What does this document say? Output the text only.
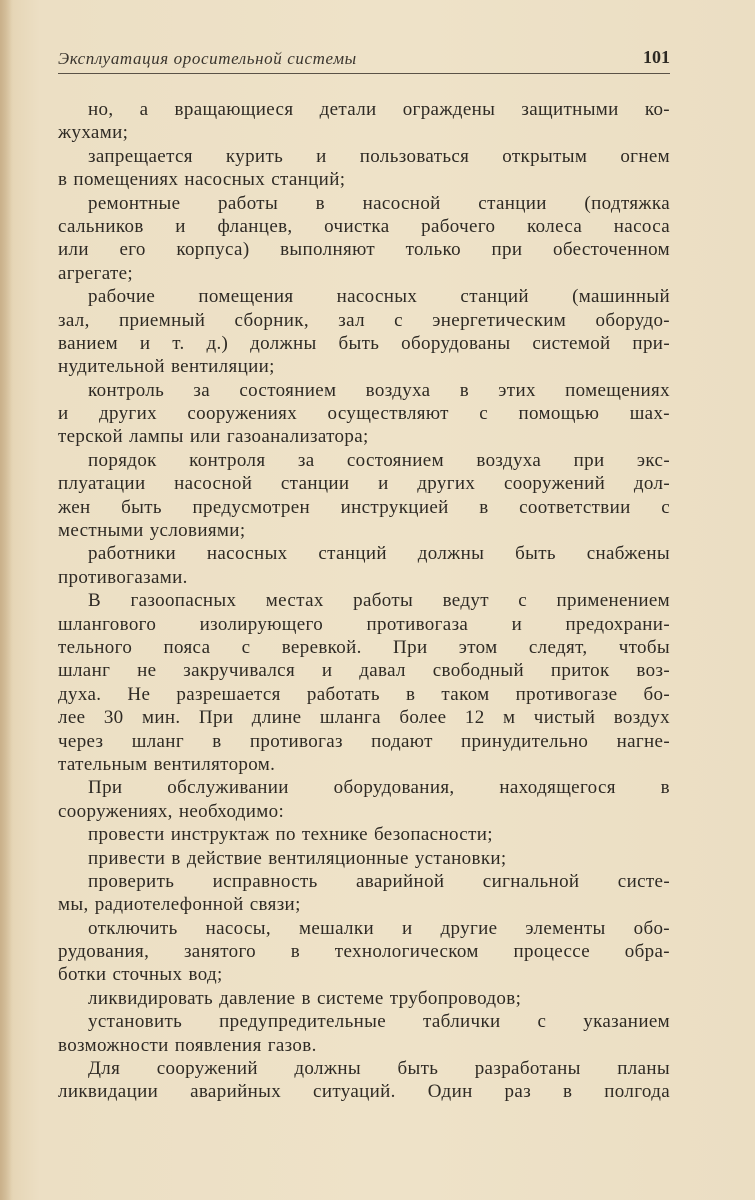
Эксплуатация оросительной системы	101
но, а вращающиеся детали ограждены защитными ко-
жухами;
запрещается курить и пользоваться открытым огнем
в помещениях насосных станций;
ремонтные работы в насосной станции (подтяжка
сальников и фланцев, очистка рабочего колеса насоса
или его корпуса) выполняют только при обесточенном
агрегате;
рабочие помещения насосных станций (машинный
зал, приемный сборник, зал с энергетическим оборудо-
ванием и т. д.) должны быть оборудованы системой при-
нудительной вентиляции;
контроль за состоянием воздуха в этих помещениях
и других сооружениях осуществляют с помощью шах-
терской лампы или газоанализатора;
порядок контроля за состоянием воздуха при экс-
плуатации насосной станции и других сооружений дол-
жен быть предусмотрен инструкцией в соответствии с
местными условиями;
работники насосных станций должны быть снабжены
противогазами.
В газоопасных местах работы ведут с применением
шлангового изолирующего противогаза и предохрани-
тельного пояса с веревкой. При этом следят, чтобы
шланг не закручивался и давал свободный приток воз-
духа. Не разрешается работать в таком противогазе бо-
лее 30 мин. При длине шланга более 12 м чистый воздух
через шланг в противогаз подают принудительно нагне-
тательным вентилятором.
При обслуживании оборудования, находящегося в
сооружениях, необходимо:
провести инструктаж по технике безопасности;
привести в действие вентиляционные установки;
проверить исправность аварийной сигнальной систе-
мы, радиотелефонной связи;
отключить насосы, мешалки и другие элементы обо-
рудования, занятого в технологическом процессе обра-
ботки сточных вод;
ликвидировать давление в системе трубопроводов;
установить предупредительные таблички с указанием
возможности появления газов.
Для сооружений должны быть разработаны планы
ликвидации аварийных ситуаций. Один раз в полгода
